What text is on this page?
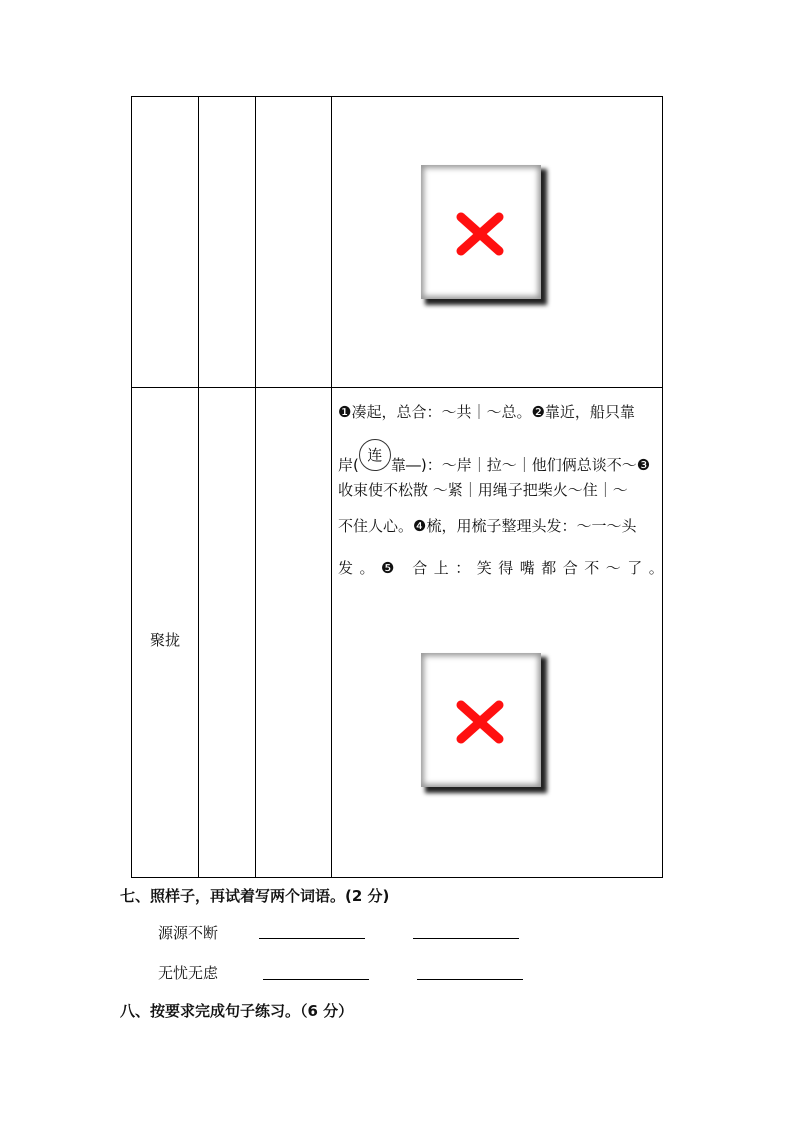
聚拢
❶凑起，总合：～共｜～总。❷靠近，船只靠
岸(连靠―)：～岸｜拉～｜他们俩总谈不～❸
收束使不松散 ～紧｜用绳子把柴火～住｜～
不住人心。❹梳，用梳子整理头发：～一～头
发。❺ 合上：笑得嘴都合不～了。
七、照样子，再试着写两个词语。(2 分)
源源不断
无忧无虑
八、按要求完成句子练习。（6 分）
